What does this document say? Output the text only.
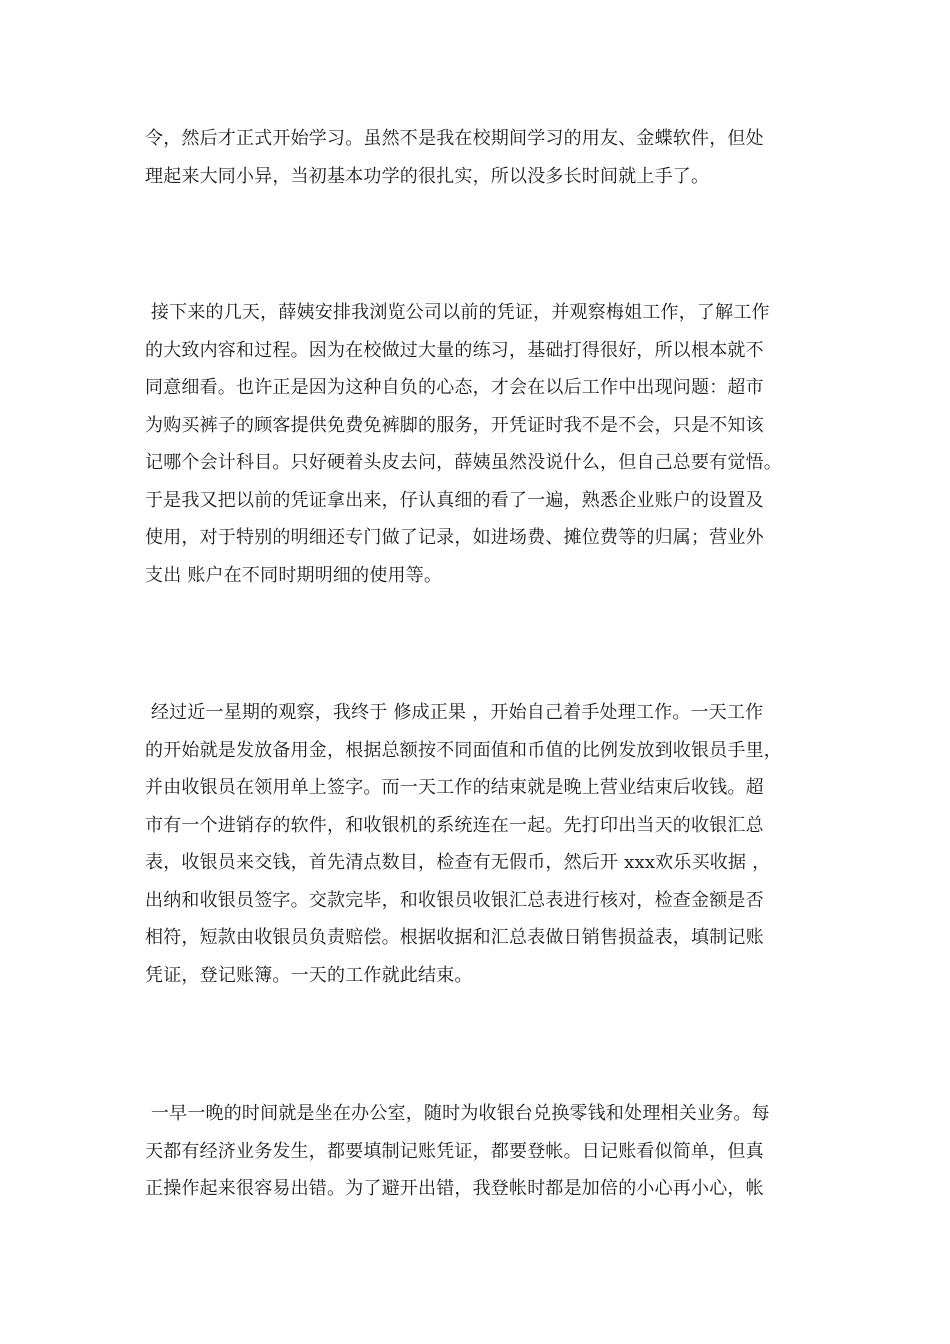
令，然后才正式开始学习。虽然不是我在校期间学习的用友、金蝶软件，但处
理起来大同小异，当初基本功学的很扎实，所以没多长时间就上手了。
接下来的几天，薛姨安排我浏览公司以前的凭证，并观察梅姐工作，了解工作
的大致内容和过程。因为在校做过大量的练习，基础打得很好，所以根本就不
同意细看。也许正是因为这种自负的心态，才会在以后工作中出现问题：超市
为购买裤子的顾客提供免费免裤脚的服务，开凭证时我不是不会，只是不知该
记哪个会计科目。只好硬着头皮去问，薛姨虽然没说什么，但自己总要有觉悟。
于是我又把以前的凭证拿出来，仔认真细的看了一遍，熟悉企业账户的设置及
使用，对于特别的明细还专门做了记录，如进场费、摊位费等的归属；营业外
支出 账户在不同时期明细的使用等。
经过近一星期的观察，我终于 修成正果 ，开始自己着手处理工作。一天工作
的开始就是发放备用金，根据总额按不同面值和币值的比例发放到收银员手里，
并由收银员在领用单上签字。而一天工作的结束就是晚上营业结束后收钱。超
市有一个进销存的软件，和收银机的系统连在一起。先打印出当天的收银汇总
表，收银员来交钱，首先清点数目，检查有无假币，然后开 xxx欢乐买收据 ，
出纳和收银员签字。交款完毕，和收银员收银汇总表进行核对，检查金额是否
相符，短款由收银员负责赔偿。根据收据和汇总表做日销售损益表，填制记账
凭证，登记账簿。一天的工作就此结束。
一早一晚的时间就是坐在办公室，随时为收银台兑换零钱和处理相关业务。每
天都有经济业务发生，都要填制记账凭证，都要登帐。日记账看似简单，但真
正操作起来很容易出错。为了避开出错，我登帐时都是加倍的小心再小心，帐
